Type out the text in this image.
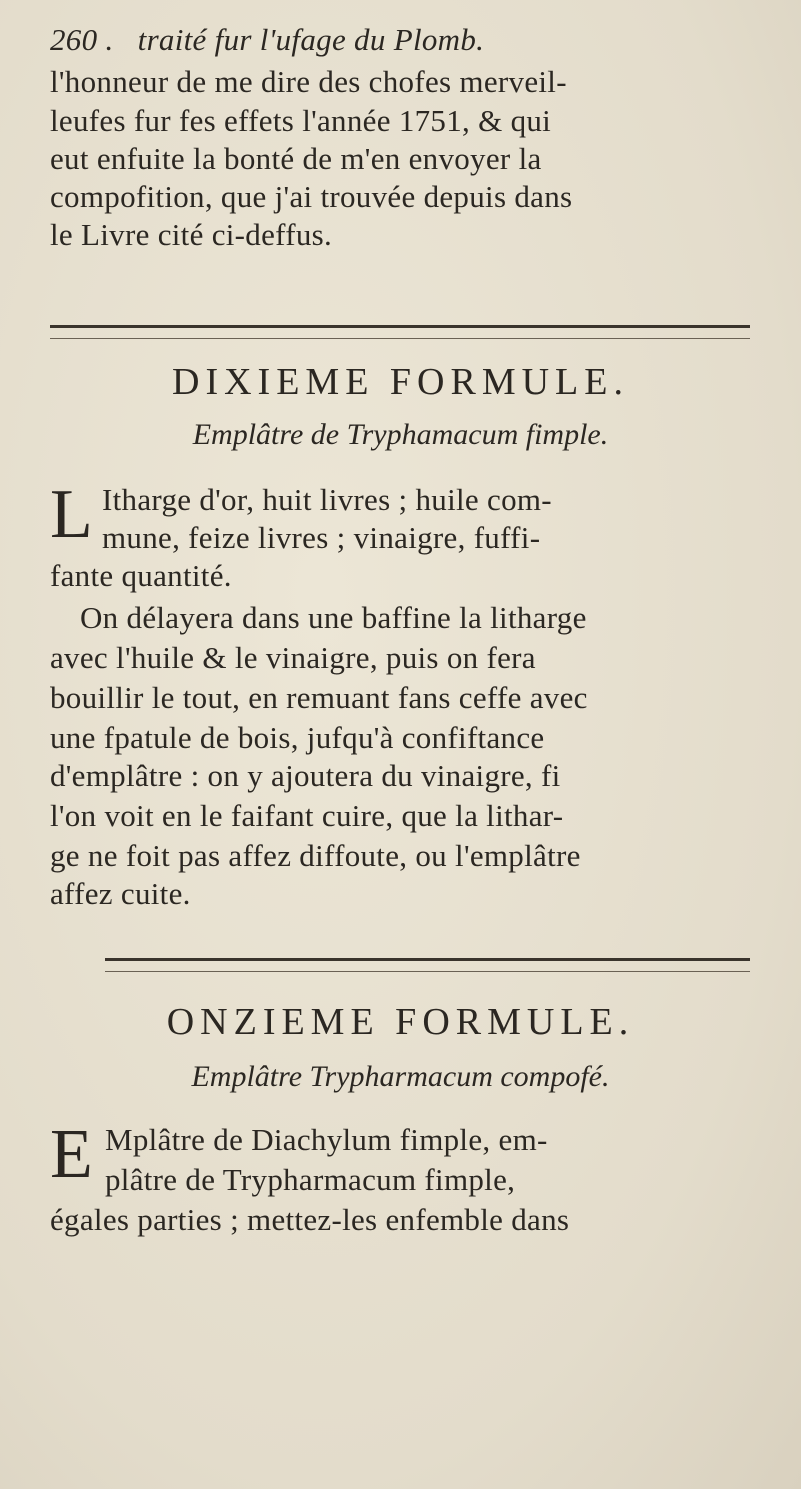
260 .   traité fur l'ufage du Plomb.
l'honneur de me dire des chofes merveil-
leufes fur fes effets l'année 1751, & qui
eut enfuite la bonté de m'en envoyer la
compofition, que j'ai trouvée depuis dans
le Livre cité ci-deffus.
DIXIEME FORMULE.
Emplâtre de Tryphamacum fimple.
L Itharge d'or, huit livres ; huile com-
mune, feize livres ; vinaigre, fuffi-
fante quantité.
On délayera dans une baffine la litharge
avec l'huile & le vinaigre, puis on fera
bouillir le tout, en remuant fans ceffe avec
une fpatule de bois, jufqu'à confiftance
d'emplâtre : on y ajoutera du vinaigre, fi
l'on voit en le faifant cuire, que la lithar-
ge ne foit pas affez diffoute, ou l'emplâtre
affez cuite.
ONZIEME FORMULE.
Emplâtre Trypharmacum compofé.
E Mplâtre de Diachylum fimple, em-
plâtre de Trypharmacum fimple,
égales parties ; mettez-les enfemble dans
